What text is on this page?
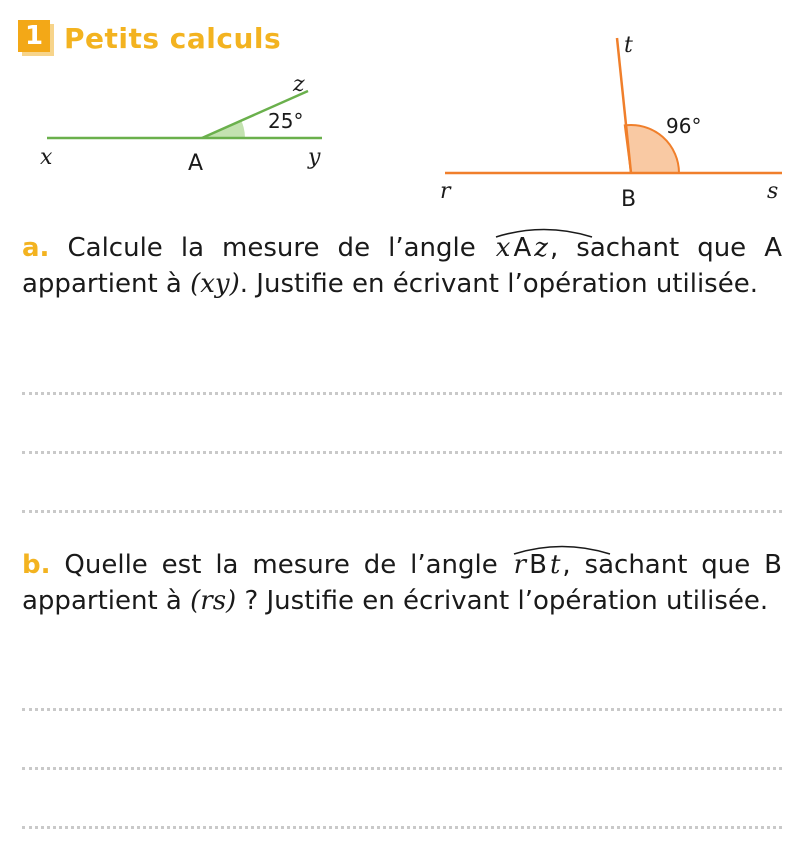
1 Petits calculs
x	A	y
z
25°
r	B	s
t
96°
a. Calcule la mesure de l’angle x A z, sachant que A appartient à (xy). Justifie en écrivant l’opération utilisée.
b. Quelle est la mesure de l’angle r B t, sachant que B appartient à (rs) ? Justifie en écrivant l’opération utilisée.
